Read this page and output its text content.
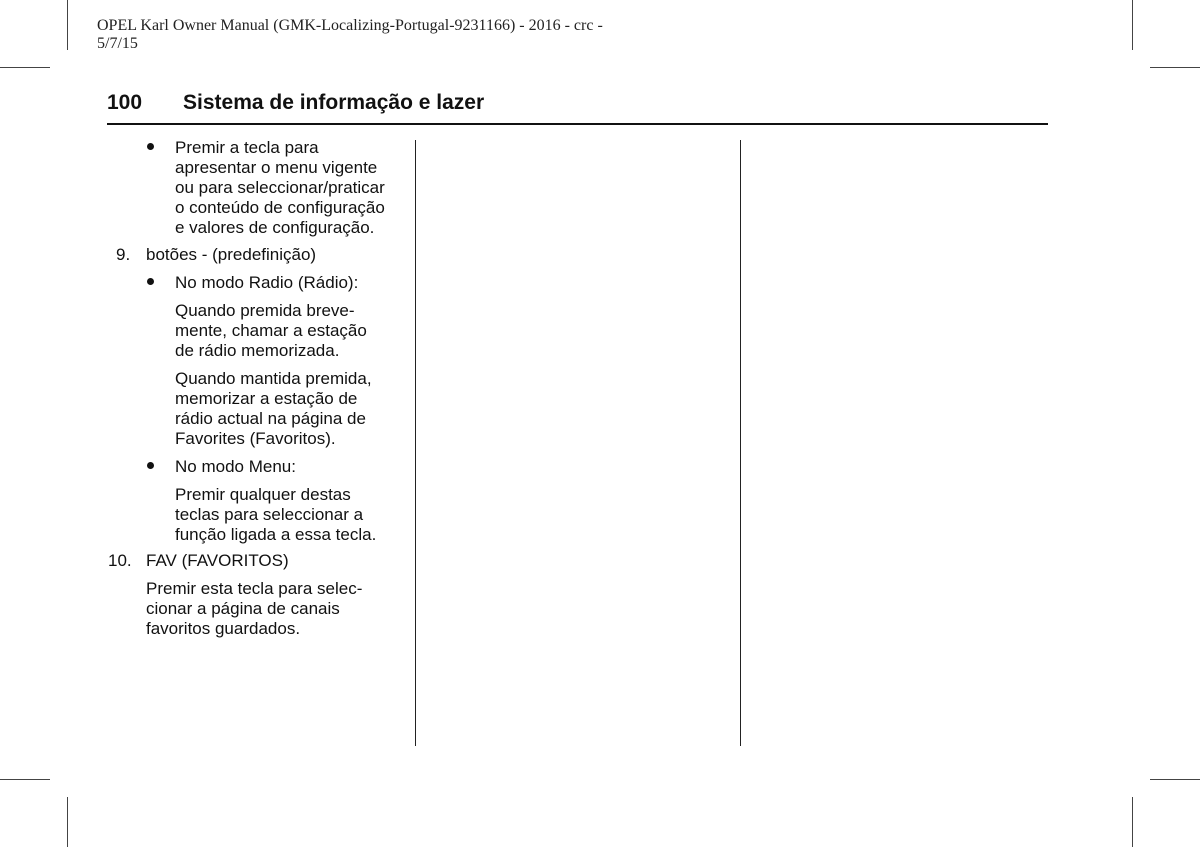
OPEL Karl Owner Manual (GMK-Localizing-Portugal-9231166) - 2016 - crc -
5/7/15
100 Sistema de informação e lazer
Premir a tecla para
apresentar o menu vigente
ou para seleccionar/praticar
o conteúdo de configuração
e valores de configuração.
9. botões - (predefinição)
No modo Radio (Rádio):
Quando premida breve-
mente, chamar a estação
de rádio memorizada.
Quando mantida premida,
memorizar a estação de
rádio actual na página de
Favorites (Favoritos).
No modo Menu:
Premir qualquer destas
teclas para seleccionar a
função ligada a essa tecla.
10. FAV (FAVORITOS)
Premir esta tecla para selec-
cionar a página de canais
favoritos guardados.
